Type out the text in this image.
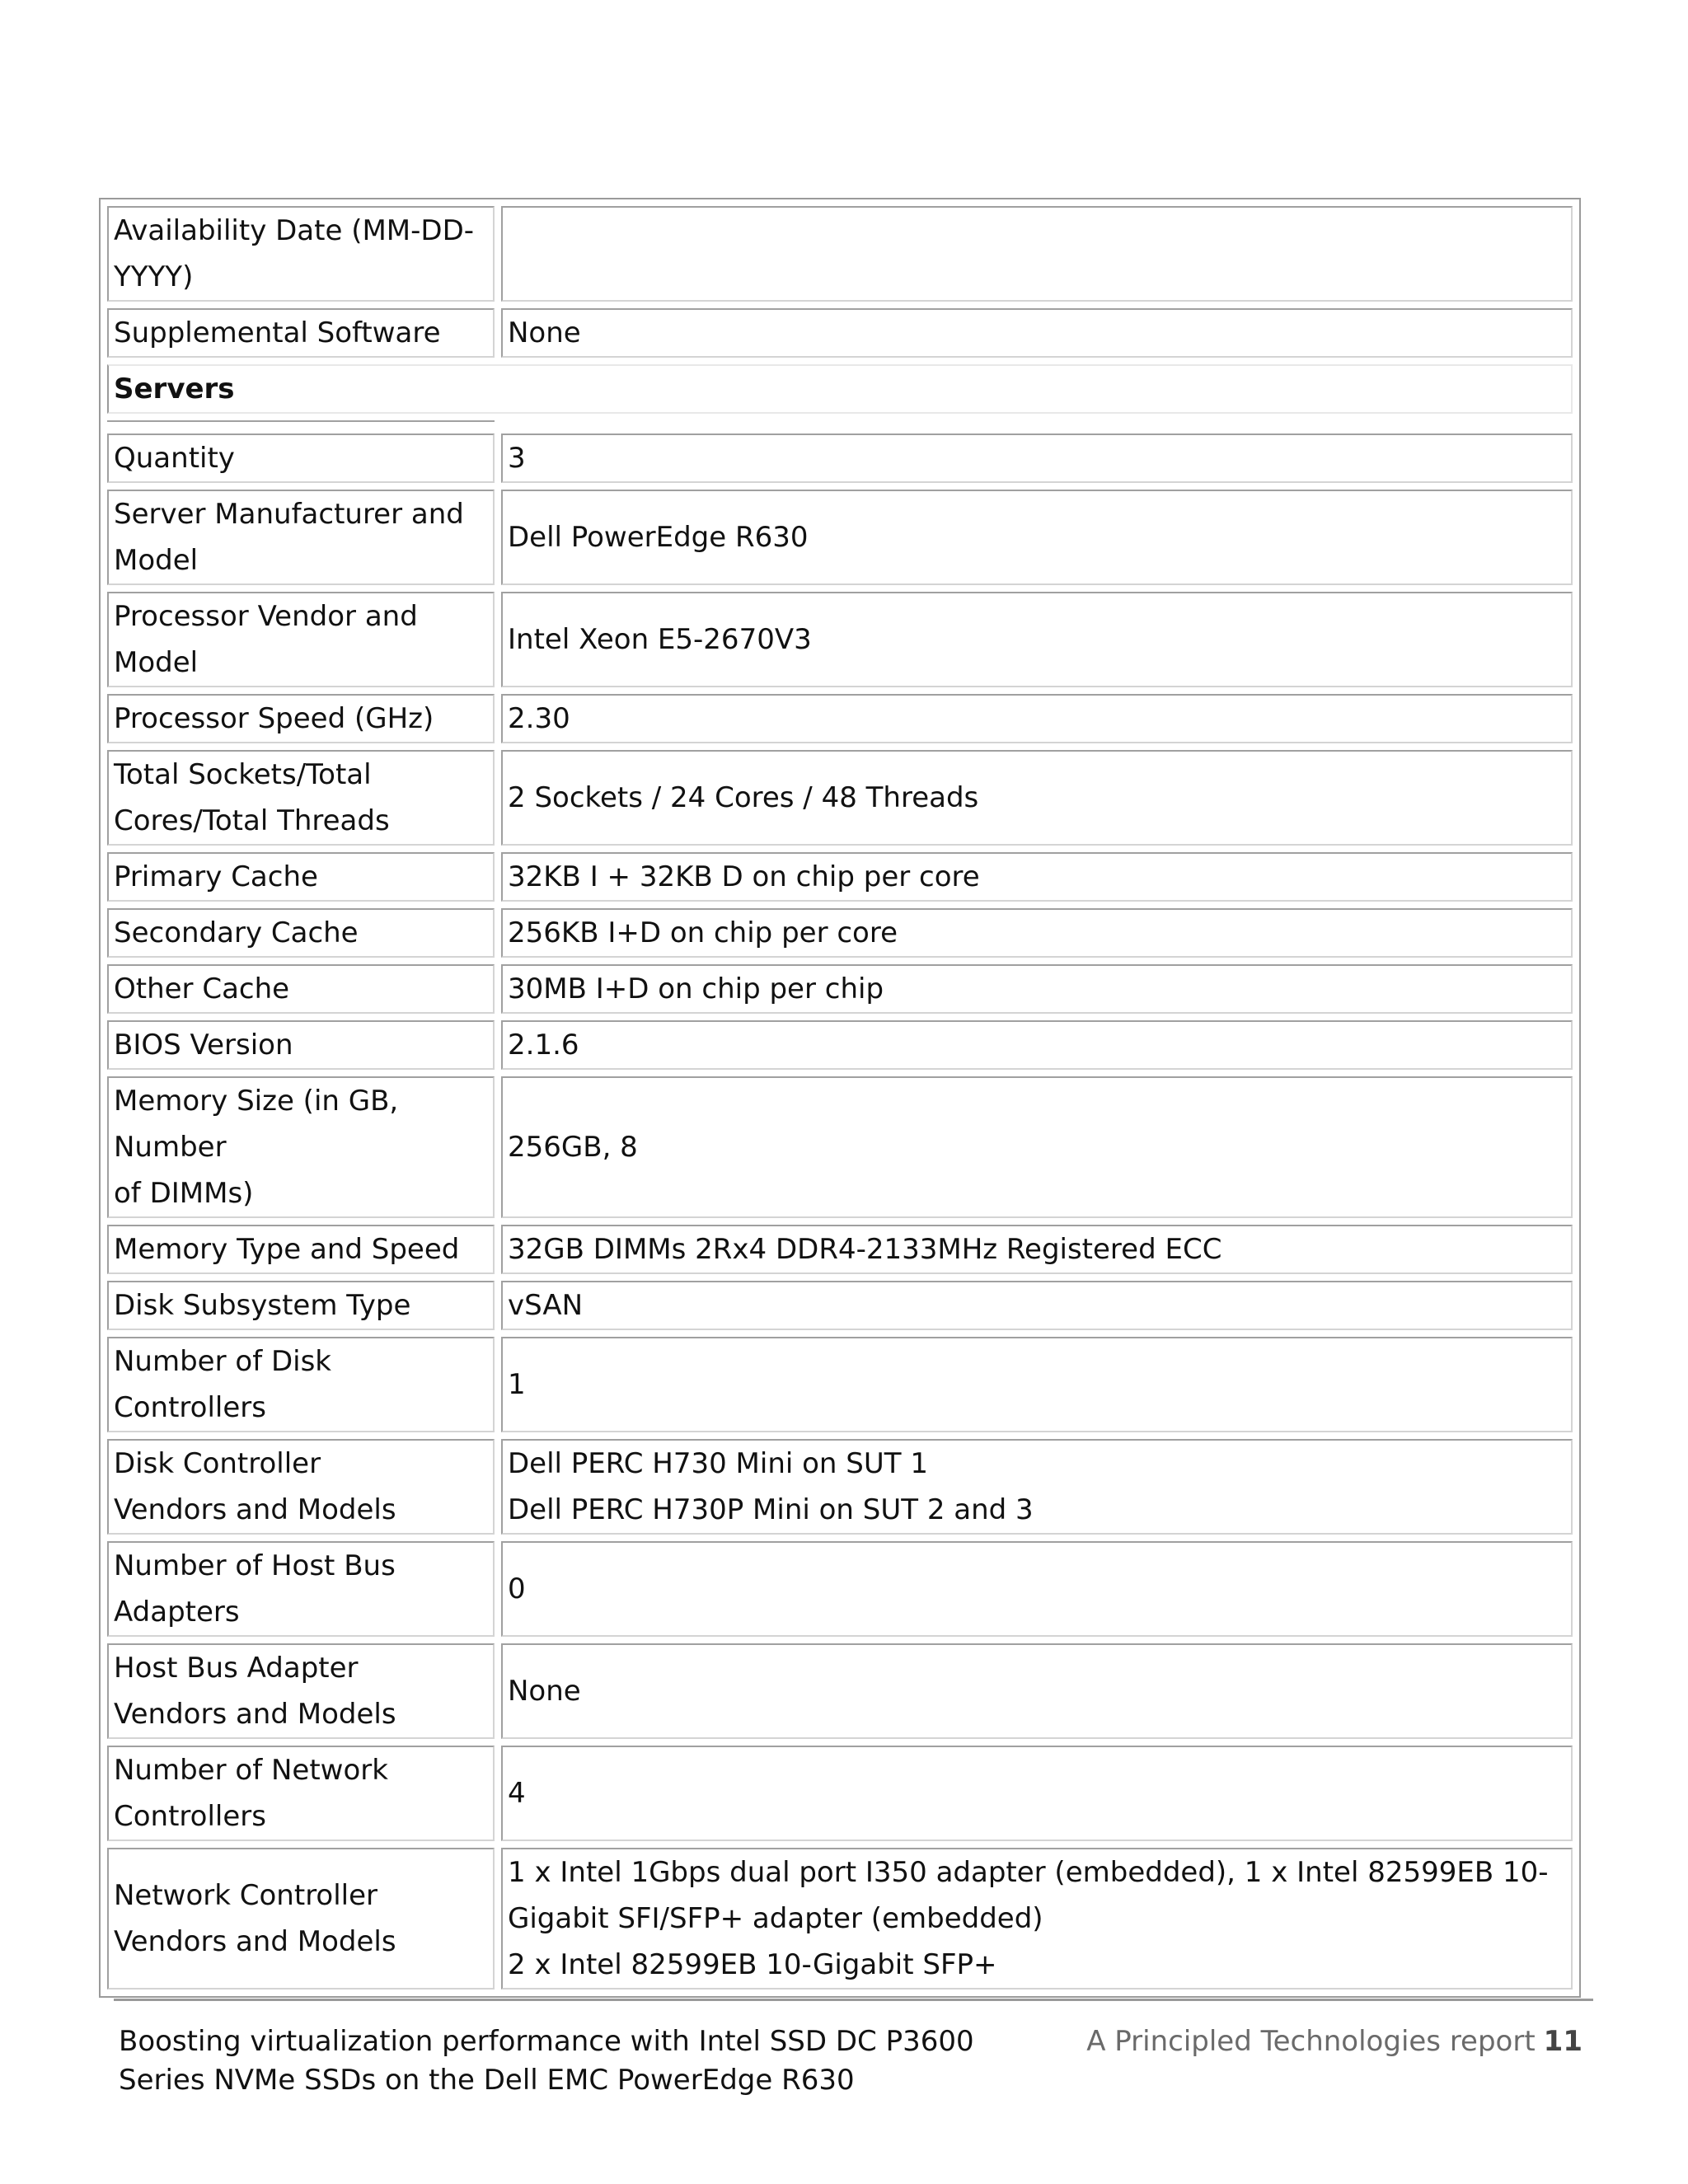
Availability Date (MM-DD-
YYYY)	
Supplemental Software	None
Servers	

Quantity	3
Server Manufacturer and
Model	Dell PowerEdge R630
Processor Vendor and Model	Intel Xeon E5-2670V3
Processor Speed (GHz)	2.30
Total Sockets/Total
Cores/Total Threads	2 Sockets / 24 Cores / 48 Threads
Primary Cache	32KB I + 32KB D on chip per core
Secondary Cache	256KB I+D on chip per core
Other Cache	30MB I+D on chip per chip
BIOS Version	2.1.6
Memory Size (in GB, Number
of DIMMs)	256GB, 8
Memory Type and Speed	32GB DIMMs 2Rx4 DDR4-2133MHz Registered ECC
Disk Subsystem Type	vSAN
Number of Disk Controllers	1
Disk Controller
Vendors and Models	Dell PERC H730 Mini on SUT 1
Dell PERC H730P Mini on SUT 2 and 3
Number of Host Bus Adapters	0
Host Bus Adapter
Vendors and Models	None
Number of Network
Controllers	4
Network Controller
Vendors and Models	1 x Intel 1Gbps dual port I350 adapter (embedded), 1 x Intel 82599EB 10-Gigabit SFI/SFP+ adapter (embedded)
2 x Intel 82599EB 10-Gigabit SFP+
Boosting virtualization performance with Intel SSD DC P3600
Series NVMe SSDs on the Dell EMC PowerEdge R630
A Principled Technologies report 11
